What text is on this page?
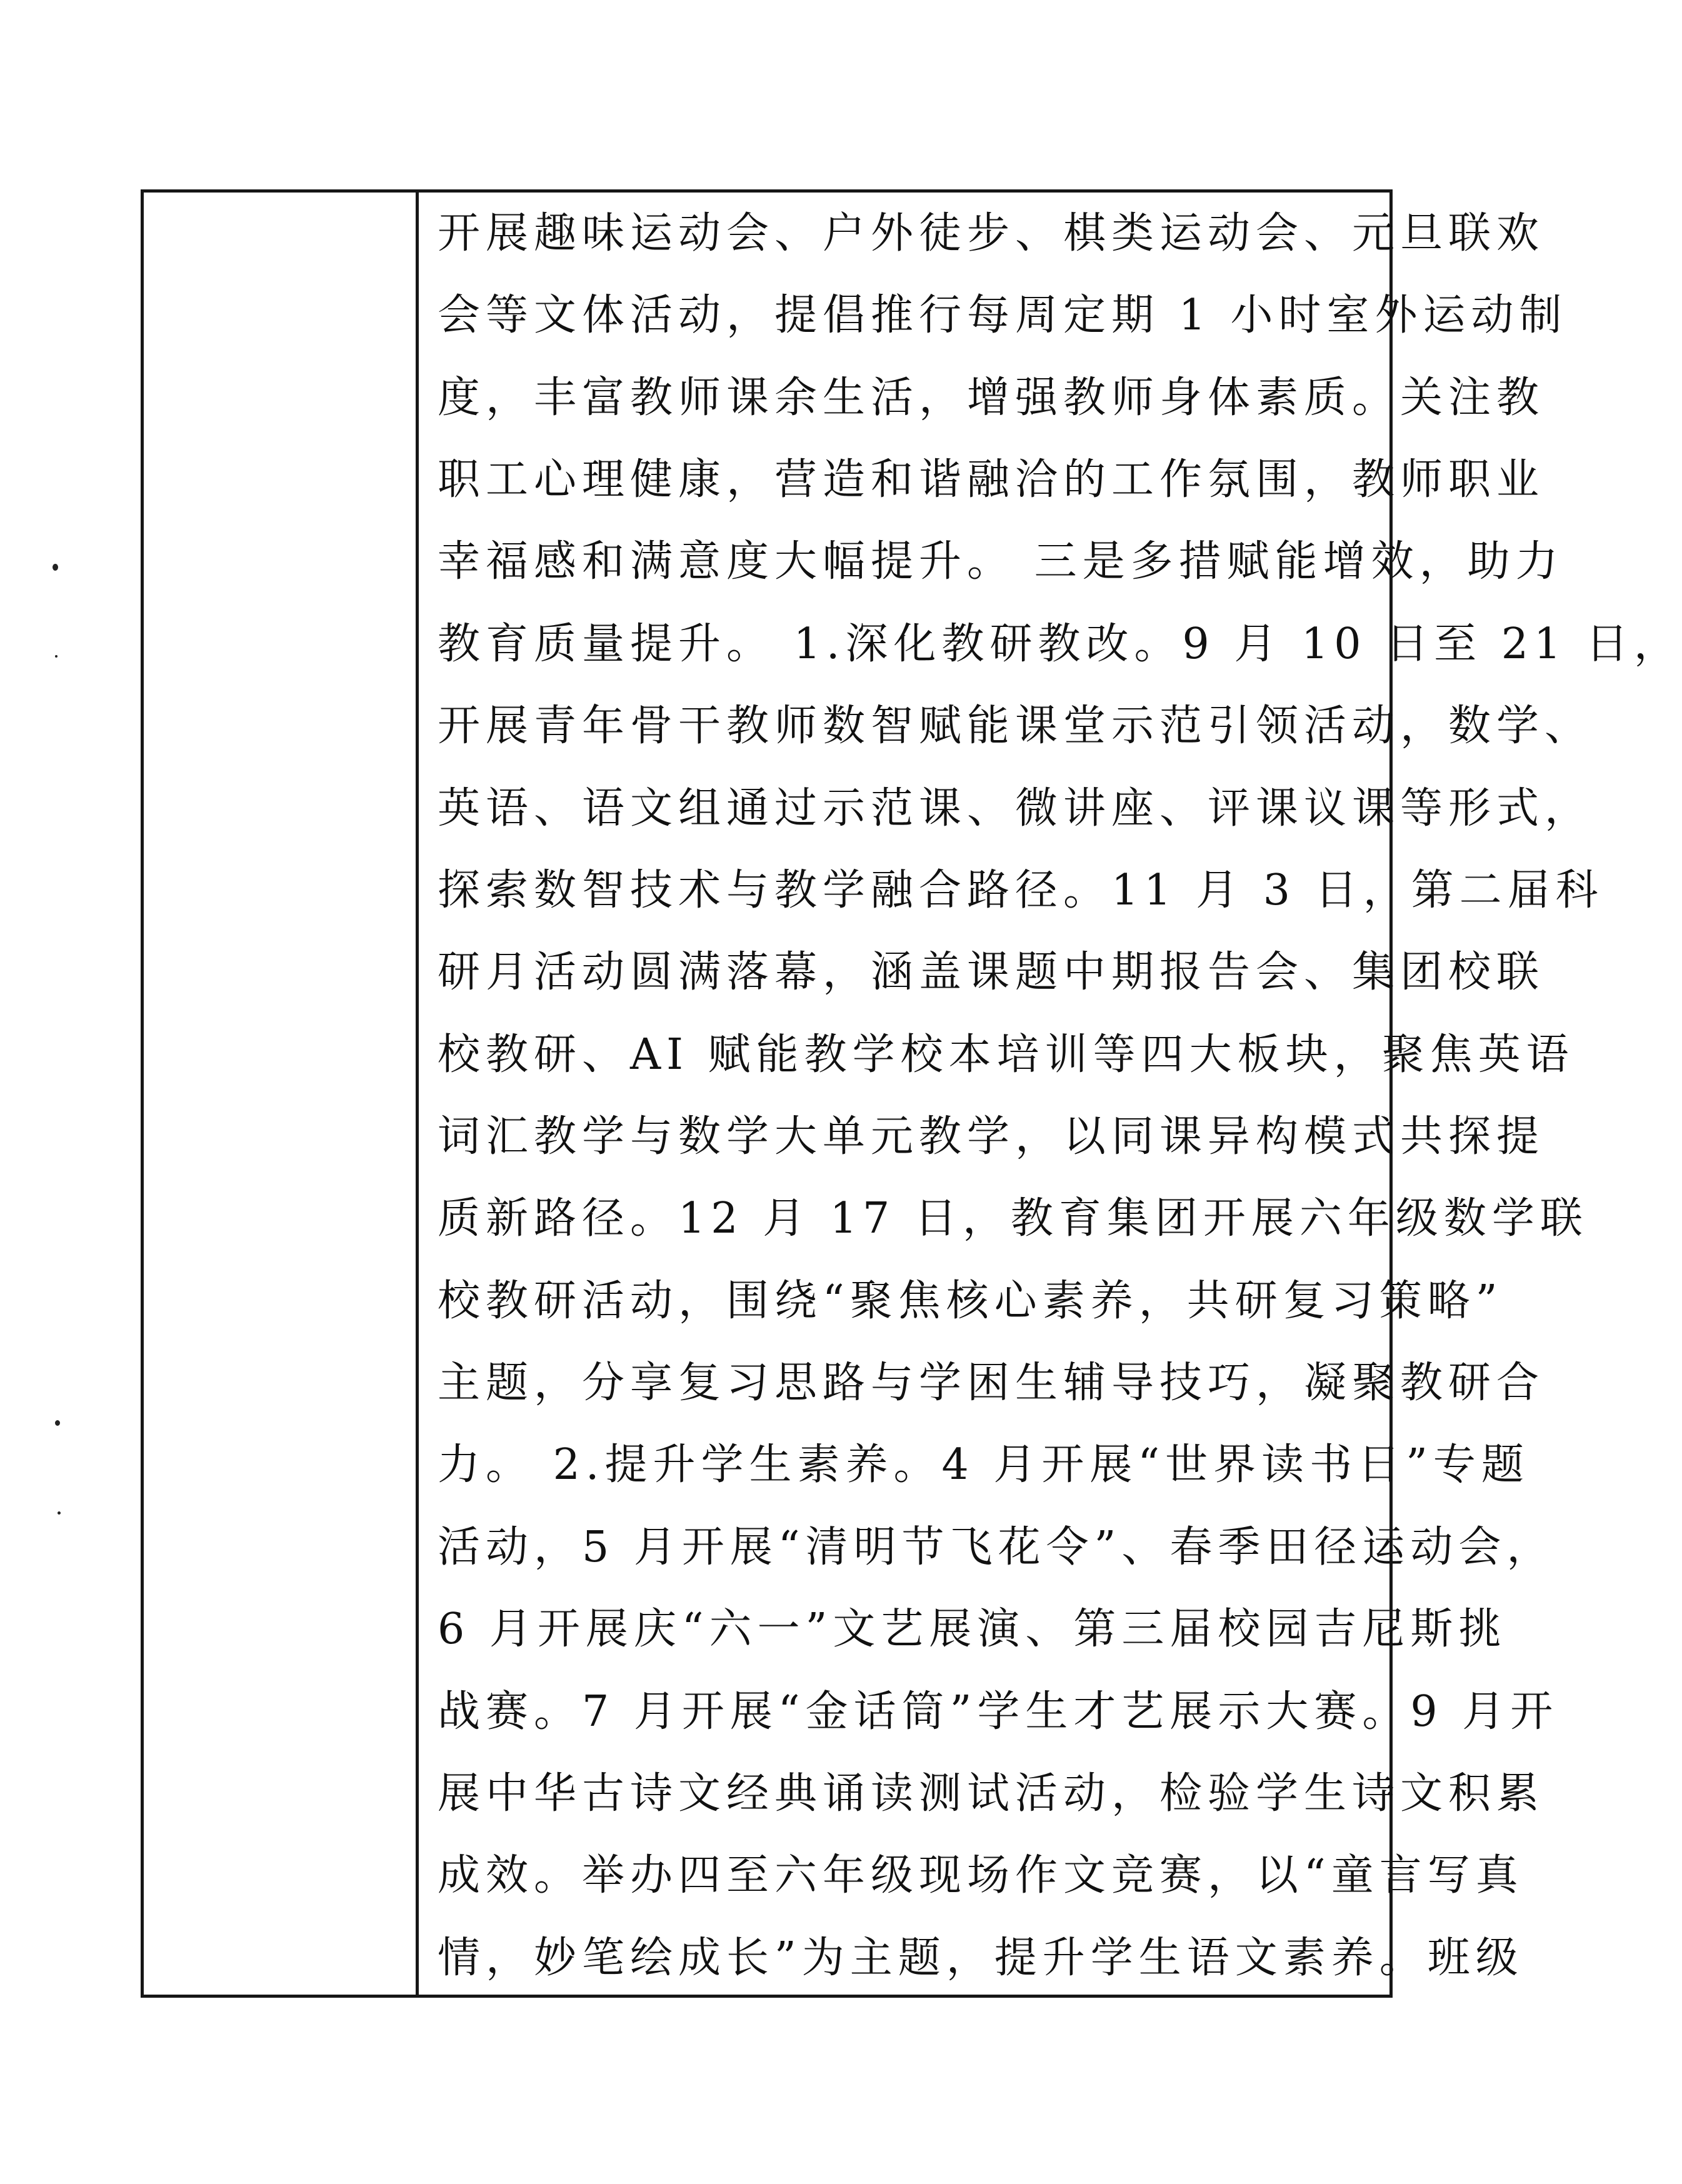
开展趣味运动会、户外徒步、棋类运动会、元旦联欢
会等文体活动，提倡推行每周定期 1 小时室外运动制
度，丰富教师课余生活，增强教师身体素质。关注教
职工心理健康，营造和谐融洽的工作氛围，教师职业
幸福感和满意度大幅提升。 三是多措赋能增效，助力
教育质量提升。 1.深化教研教改。9 月 10 日至 21 日，
开展青年骨干教师数智赋能课堂示范引领活动，数学、
英语、语文组通过示范课、微讲座、评课议课等形式，
探索数智技术与教学融合路径。11 月 3 日，第二届科
研月活动圆满落幕，涵盖课题中期报告会、集团校联
校教研、AI 赋能教学校本培训等四大板块，聚焦英语
词汇教学与数学大单元教学，以同课异构模式共探提
质新路径。12 月 17 日，教育集团开展六年级数学联
校教研活动，围绕“聚焦核心素养，共研复习策略”
主题，分享复习思路与学困生辅导技巧，凝聚教研合
力。 2.提升学生素养。4 月开展“世界读书日”专题
活动，5 月开展“清明节飞花令”、春季田径运动会，
6 月开展庆“六一”文艺展演、第三届校园吉尼斯挑
战赛。7 月开展“金话筒”学生才艺展示大赛。9 月开
展中华古诗文经典诵读测试活动，检验学生诗文积累
成效。举办四至六年级现场作文竞赛，以“童言写真
情，妙笔绘成长”为主题，提升学生语文素养。班级
